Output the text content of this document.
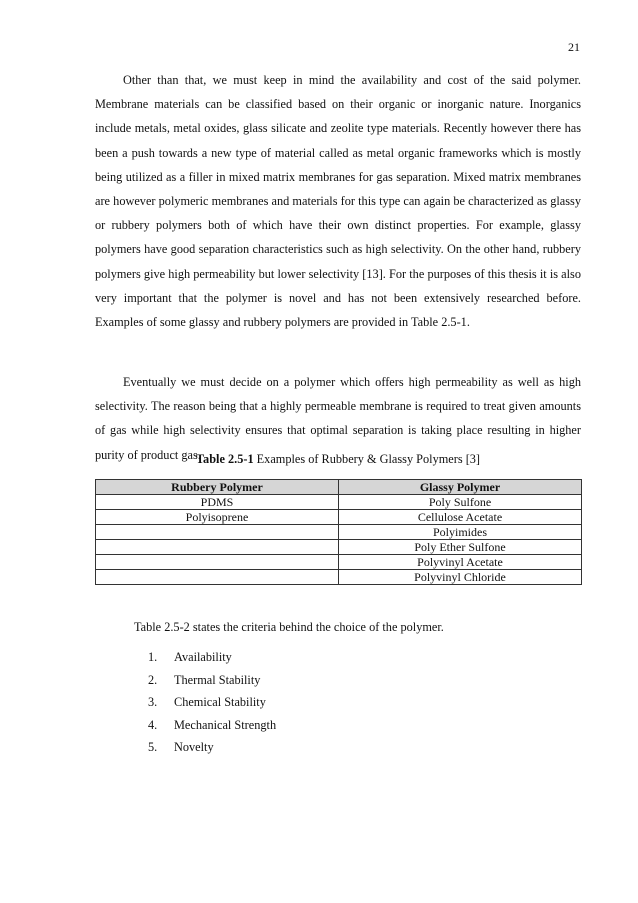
21

Other than that, we must keep in mind the availability and cost of the said polymer. Membrane materials can be classified based on their organic or inorganic nature. Inorganics include metals, metal oxides, glass silicate and zeolite type materials. Recently however there has been a push towards a new type of material called as metal organic frameworks which is mostly being utilized as a filler in mixed matrix membranes for gas separation. Mixed matrix membranes are however polymeric membranes and materials for this type can again be characterized as glassy or rubbery polymers both of which have their own distinct properties. For example, glassy polymers have good separation characteristics such as high selectivity. On the other hand, rubbery polymers give high permeability but lower selectivity [13]. For the purposes of this thesis it is also very important that the polymer is novel and has not been extensively researched before. Examples of some glassy and rubbery polymers are provided in Table 2.5-1.

Eventually we must decide on a polymer which offers high permeability as well as high selectivity. The reason being that a highly permeable membrane is required to treat given amounts of gas while high selectivity ensures that optimal separation is taking place resulting in higher purity of product gas.

Table 2.5-1 Examples of Rubbery & Glassy Polymers [3]
Rubbery Polymer	Glassy Polymer
PDMS	Poly Sulfone
Polyisoprene	Cellulose Acetate
	Polyimides
	Poly Ether Sulfone
	Polyvinyl Acetate
	Polyvinyl Chloride
Table 2.5-2 states the criteria behind the choice of the polymer.
1. Availability
2. Thermal Stability
3. Chemical Stability
4. Mechanical Strength
5. Novelty
